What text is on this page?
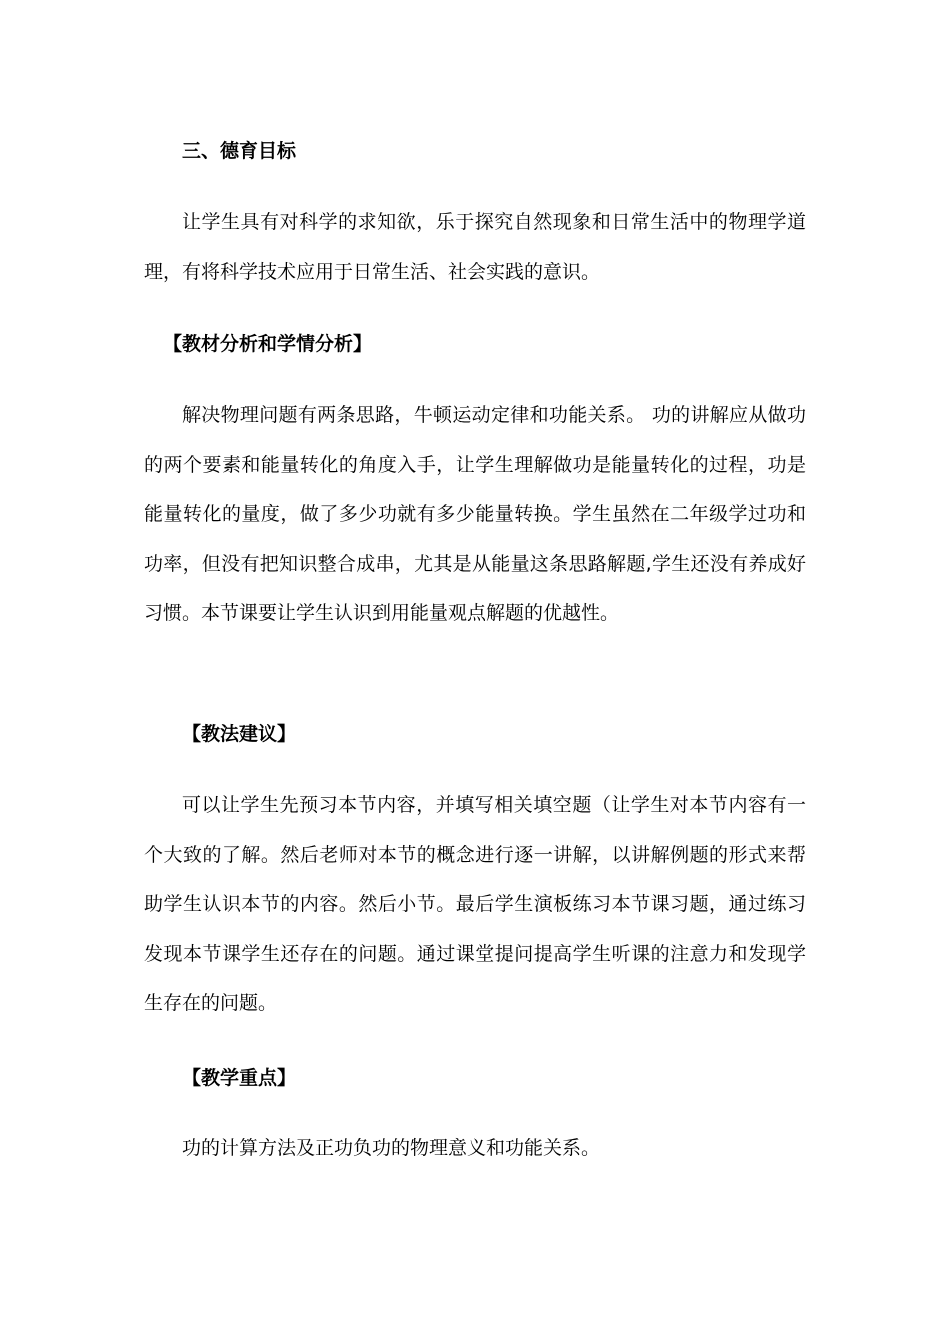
三、德育目标

让学生具有对科学的求知欲，乐于探究自然现象和日常生活中的物理学道理，有将科学技术应用于日常生活、社会实践的意识。

【教材分析和学情分析】

解决物理问题有两条思路，牛顿运动定律和功能关系。 功的讲解应从做功的两个要素和能量转化的角度入手，让学生理解做功是能量转化的过程，功是能量转化的量度，做了多少功就有多少能量转换。学生虽然在二年级学过功和功率，但没有把知识整合成串，尤其是从能量这条思路解题,学生还没有养成好习惯。本节课要让学生认识到用能量观点解题的优越性。

【教法建议】

可以让学生先预习本节内容，并填写相关填空题（让学生对本节内容有一个大致的了解。然后老师对本节的概念进行逐一讲解，以讲解例题的形式来帮助学生认识本节的内容。然后小节。最后学生演板练习本节课习题，通过练习发现本节课学生还存在的问题。通过课堂提问提高学生听课的注意力和发现学生存在的问题。

【教学重点】

功的计算方法及正功负功的物理意义和功能关系。
